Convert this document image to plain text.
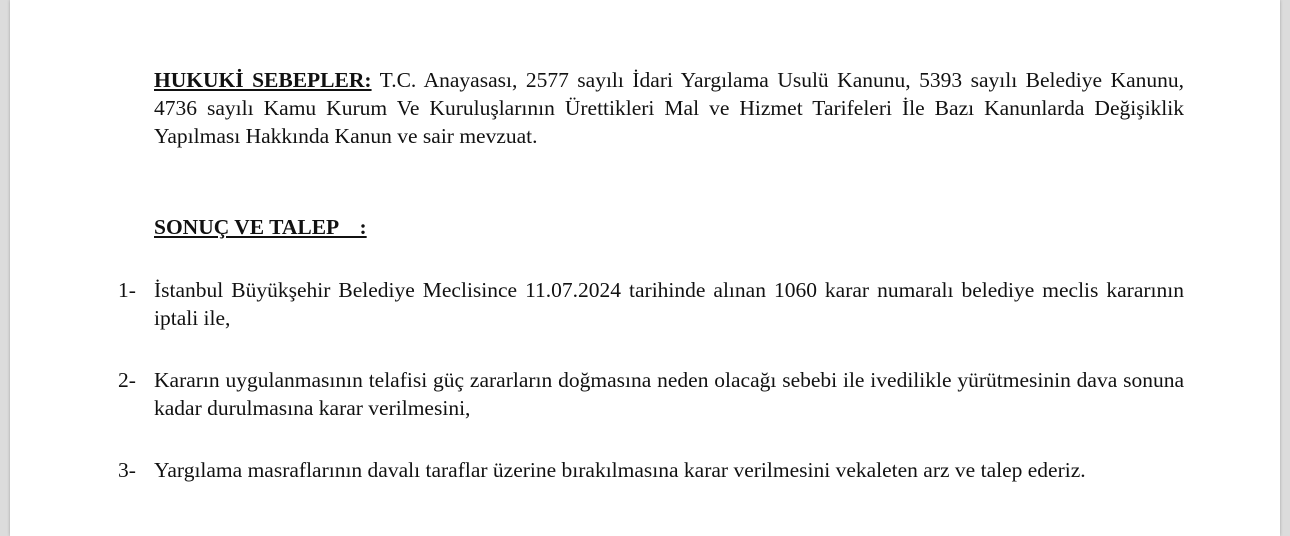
HUKUKİ SEBEPLER: T.C. Anayasası, 2577 sayılı İdari Yargılama Usulü Kanunu, 5393 sayılı Belediye Kanunu, 4736 sayılı Kamu Kurum Ve Kuruluşlarının Ürettikleri Mal ve Hizmet Tarifeleri İle Bazı Kanunlarda Değişiklik Yapılması Hakkında Kanun ve sair mevzuat.
SONUÇ VE TALEP    :
1- İstanbul Büyükşehir Belediye Meclisince 11.07.2024 tarihinde alınan 1060 karar numaralı belediye meclis kararının iptali ile,
2- Kararın uygulanmasının telafisi güç zararların doğmasına neden olacağı sebebi ile ivedilikle yürütmesinin dava sonuna kadar durulmasına karar verilmesini,
3- Yargılama masraflarının davalı taraflar üzerine bırakılmasına karar verilmesini vekaleten arz ve talep ederiz.
